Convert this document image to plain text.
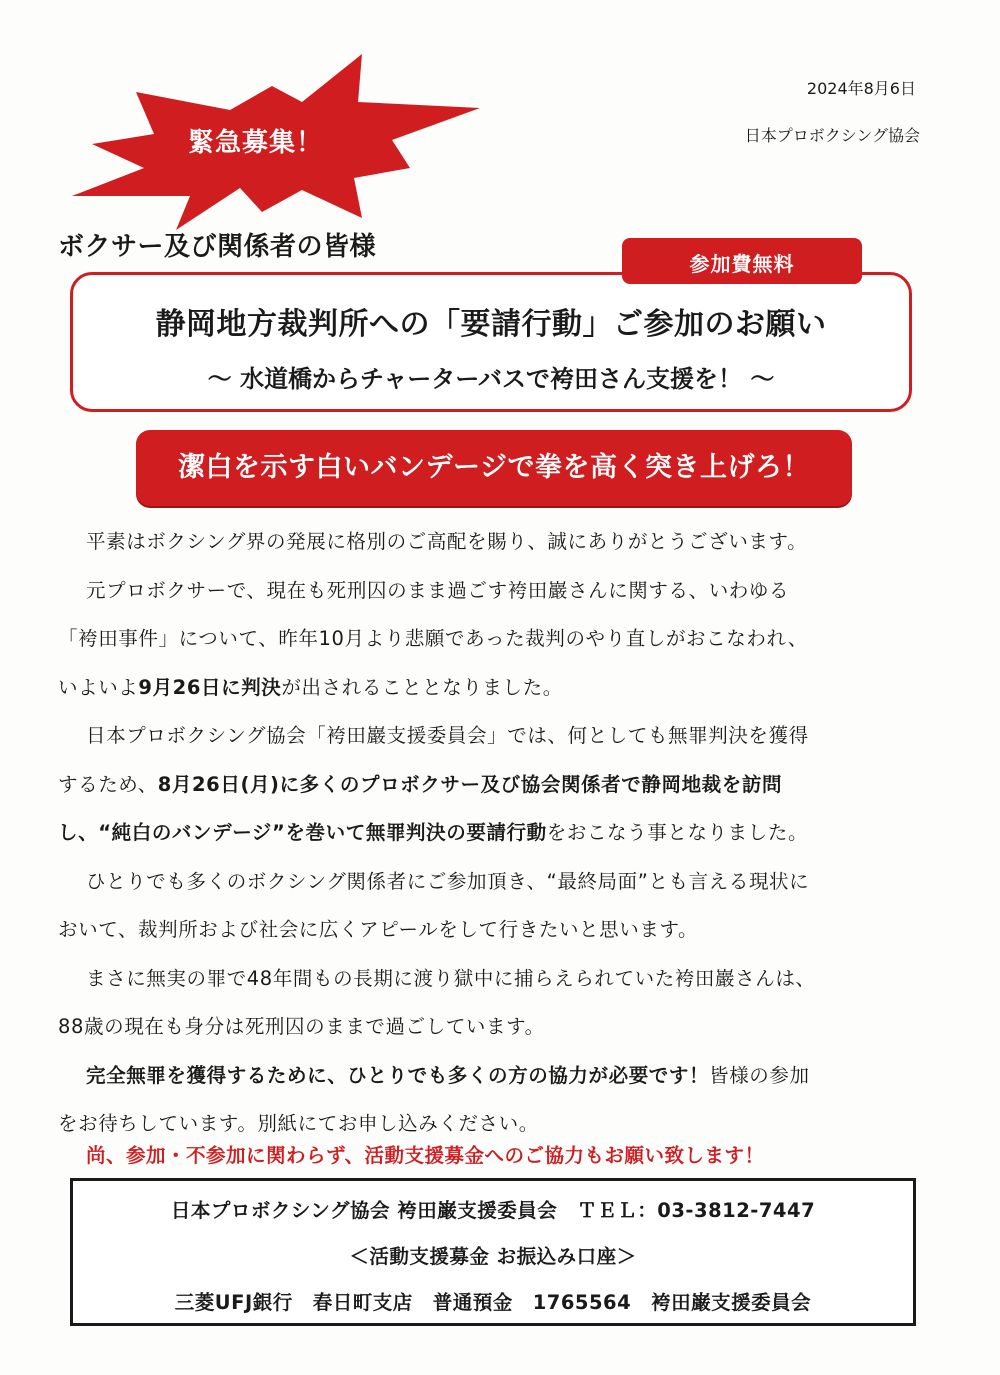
2024年8月6日
日本プロボクシング協会
緊急募集！
ボクサー及び関係者の皆様
参加費無料
静岡地方裁判所への「要請行動」ご参加のお願い
～ 水道橋からチャーターバスで袴田さん支援を！ ～
潔白を示す白いバンデージで拳を高く突き上げろ！

平素はボクシング界の発展に格別のご高配を賜り、誠にありがとうございます。

元プロボクサーで、現在も死刑囚のまま過ごす袴田巖さんに関する、いわゆる

「袴田事件」について、昨年10月より悲願であった裁判のやり直しがおこなわれ、

いよいよ9月26日に判決が出されることとなりました。

日本プロボクシング協会「袴田巖支援委員会」では、何としても無罪判決を獲得

するため、8月26日(月)に多くのプロボクサー及び協会関係者で静岡地裁を訪問

し、“純白のバンデージ”を巻いて無罪判決の要請行動をおこなう事となりました。

ひとりでも多くのボクシング関係者にご参加頂き、“最終局面”とも言える現状に

おいて、裁判所および社会に広くアピールをして行きたいと思います。

まさに無実の罪で48年間もの長期に渡り獄中に捕らえられていた袴田巖さんは、

88歳の現在も身分は死刑囚のままで過ごしています。

完全無罪を獲得するために、ひとりでも多くの方の協力が必要です！皆様の参加

をお待ちしています。別紙にてお申し込みください。

尚、参加・不参加に関わらず、活動支援募金へのご協力もお願い致します！
日本プロボクシング協会 袴田巌支援委員会　ＴＥＬ：03-3812-7447
＜活動支援募金 お振込み口座＞
三菱UFJ銀行　春日町支店　普通預金　1765564　袴田巌支援委員会
